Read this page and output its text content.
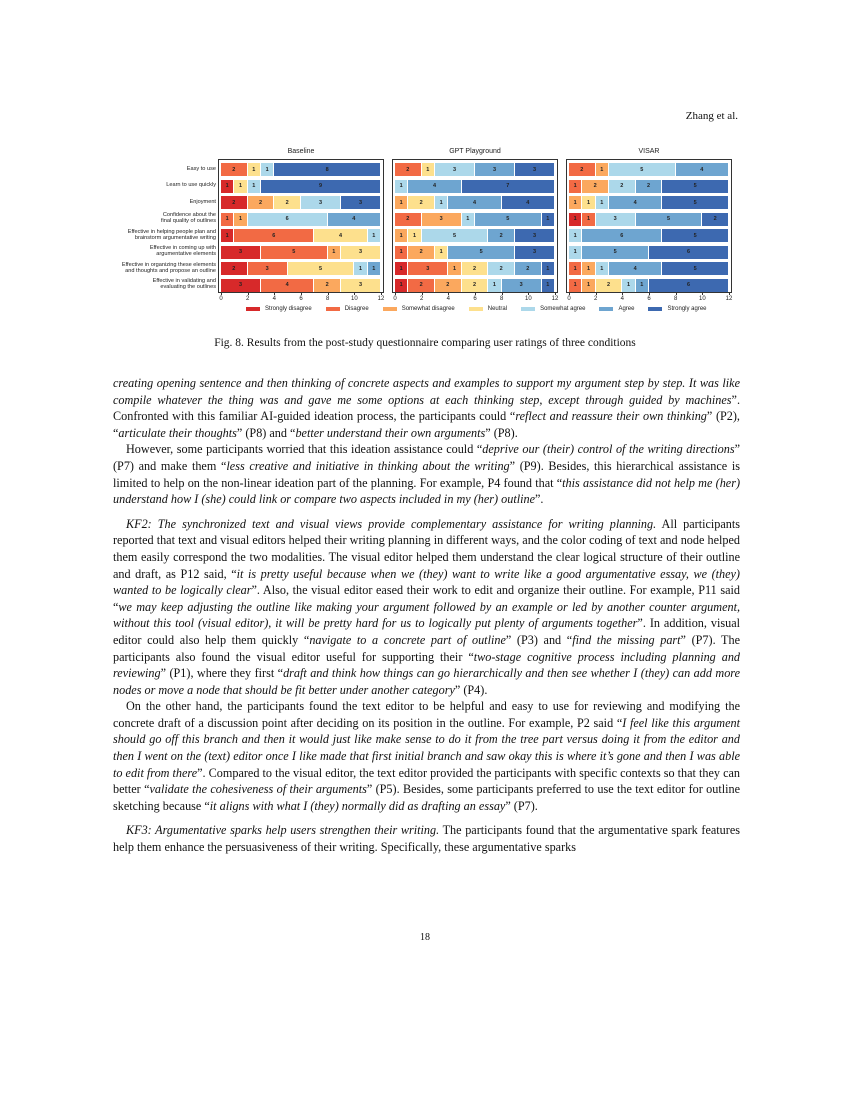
Zhang et al.
Easy to use
Learn to use quickly
Enjoyment
Confidence about the
final quality of outlines
Effective in helping people plan and
brainstorm argumentative writing
Effective in coming up with
argumentative elements
Effective in organizing these elements
and thoughts and propose an outline
Effective in validating and
evaluating the outlines
Baseline
2	1	1	8
1	1	1	9
2	2	2	3	3
1	1	6	4
1	6	4	1
3	5	1	3
2	3	5	1	1
3	4	2	3
0	2	4	6	8	10	12
GPT Playground
2	1	3	3	3
1	4	7
1	2	1	4	4
2	3	1	5	1
1	1	5	2	3
1	2	1	5	3
1	3	1	2	2	2	1
1	2	2	2	1	3	1
0	2	4	6	8	10	12
VISAR
2	1	5	4
1	2	2	2	5
1	1	1	4	5
1	1	3	5	2
1	6	5
1	5	6
1	1	1	4	5
1	1	2	1	1	6
0	2	4	6	8	10	12
Strongly disagree	Disagree	Somewhat disagree	Neutral	Somewhat agree	Agree	Strongly agree
Fig. 8. Results from the post-study questionnaire comparing user ratings of three conditions

creating opening sentence and then thinking of concrete aspects and examples to support my argument step by step. It was like compile whatever the thing was and gave me some options at each thinking step, except through guided by machines”. Confronted with this familiar AI-guided ideation process, the participants could “reflect and reassure their own thinking” (P2), “articulate their thoughts” (P8) and “better understand their own arguments” (P8).

However, some participants worried that this ideation assistance could “deprive our (their) control of the writing directions” (P7) and make them “less creative and initiative in thinking about the writing” (P9). Besides, this hierarchical assistance is limited to help on the non-linear ideation part of the planning. For example, P4 found that “this assistance did not help me (her) understand how I (she) could link or compare two aspects included in my (her) outline”.

KF2: The synchronized text and visual views provide complementary assistance for writing planning. All participants reported that text and visual editors helped their writing planning in different ways, and the color coding of text and node helped them easily correspond the two modalities. The visual editor helped them understand the clear logical structure of their outline and draft, as P12 said, “it is pretty useful because when we (they) want to write like a good argumentative essay, we (they) wanted to be logically clear”. Also, the visual editor eased their work to edit and organize their outline. For example, P11 said “we may keep adjusting the outline like making your argument followed by an example or led by another counter argument, without this tool (visual editor), it will be pretty hard for us to logically put plenty of arguments together”. In addition, visual editor could also help them quickly “navigate to a concrete part of outline” (P3) and “find the missing part” (P7). The participants also found the visual editor useful for supporting their “two-stage cognitive process including planning and reviewing” (P1), where they first “draft and think how things can go hierarchically and then see whether I (they) can add more nodes or move a node that should be fit better under another category” (P4).

On the other hand, the participants found the text editor to be helpful and easy to use for reviewing and modifying the concrete draft of a discussion point after deciding on its position in the outline. For example, P2 said “I feel like this argument should go off this branch and then it would just like make sense to do it from the tree part versus doing it from the editor and then I went on the (text) editor once I like made that first initial branch and saw okay this is where it’s gone and then I was able to edit from there”. Compared to the visual editor, the text editor provided the participants with specific contexts so that they can better “validate the cohesiveness of their arguments” (P5). Besides, some participants preferred to use the text editor for outline sketching because “it aligns with what I (they) normally did as drafting an essay” (P7).

KF3: Argumentative sparks help users strengthen their writing. The participants found that the argumentative spark features help them enhance the persuasiveness of their writing. Specifically, these argumentative sparks

18
